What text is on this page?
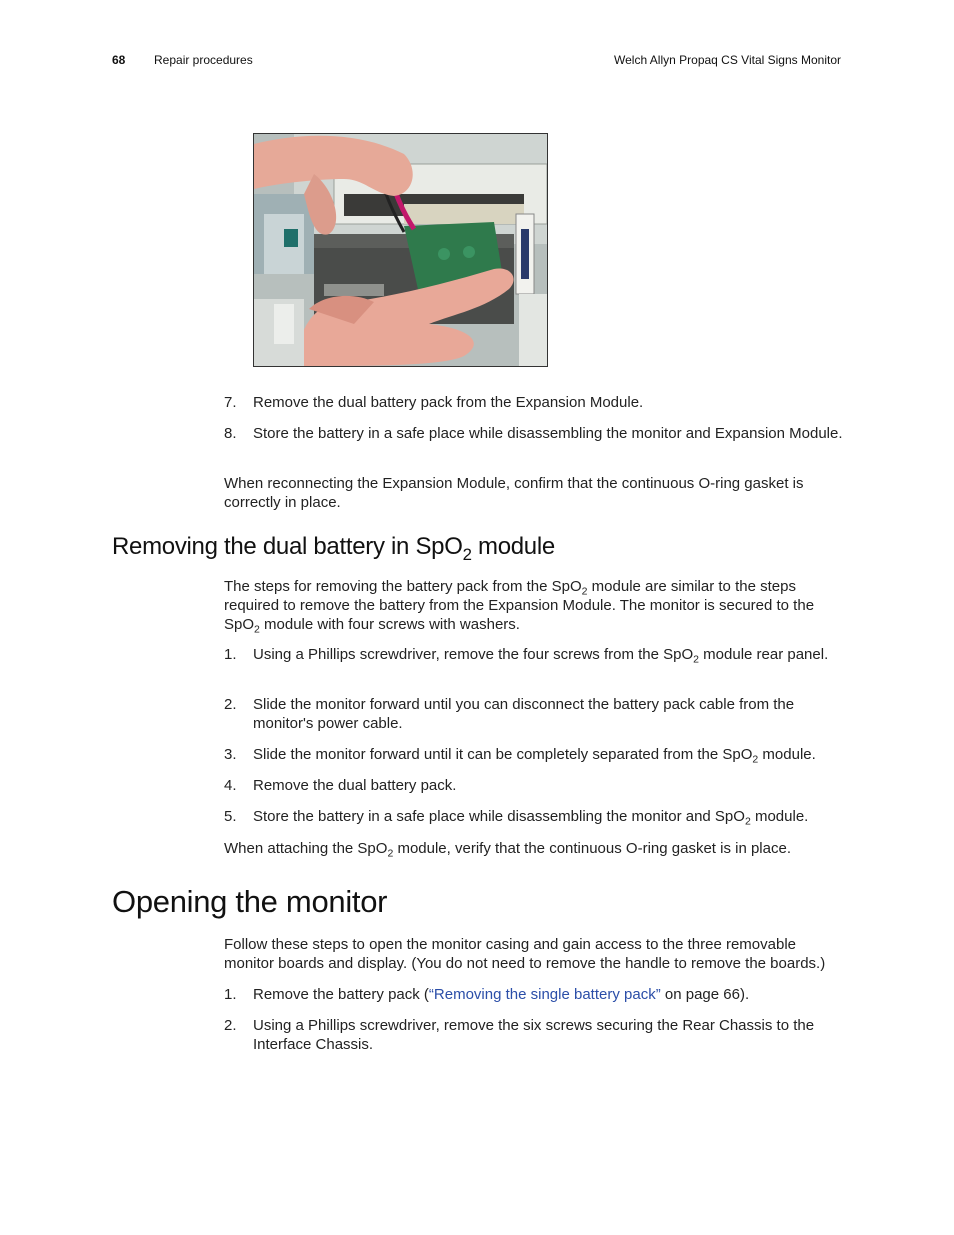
68 Repair procedures	Welch Allyn Propaq CS Vital Signs Monitor
7.	Remove the dual battery pack from the Expansion Module.
8.	Store the battery in a safe place while disassembling the monitor and Expansion Module.
When reconnecting the Expansion Module, confirm that the continuous O-ring gasket is correctly in place.
Removing the dual battery in SpO$_2$ module
The steps for removing the battery pack from the SpO$_2$ module are similar to the steps required to remove the battery from the Expansion Module. The monitor is secured to the SpO$_2$ module with four screws with washers.
1.	Using a Phillips screwdriver, remove the four screws from the SpO$_2$ module rear panel.
2.	Slide the monitor forward until you can disconnect the battery pack cable from the monitor's power cable.
3.	Slide the monitor forward until it can be completely separated from the SpO$_2$ module.
4.	Remove the dual battery pack.
5.	Store the battery in a safe place while disassembling the monitor and SpO$_2$ module.
When attaching the SpO$_2$ module, verify that the continuous O-ring gasket is in place.
Opening the monitor
Follow these steps to open the monitor casing and gain access to the three removable monitor boards and display. (You do not need to remove the handle to remove the boards.)
1.	Remove the battery pack (“Removing the single battery pack” on page 66).
2.	Using a Phillips screwdriver, remove the six screws securing the Rear Chassis to the Interface Chassis.
